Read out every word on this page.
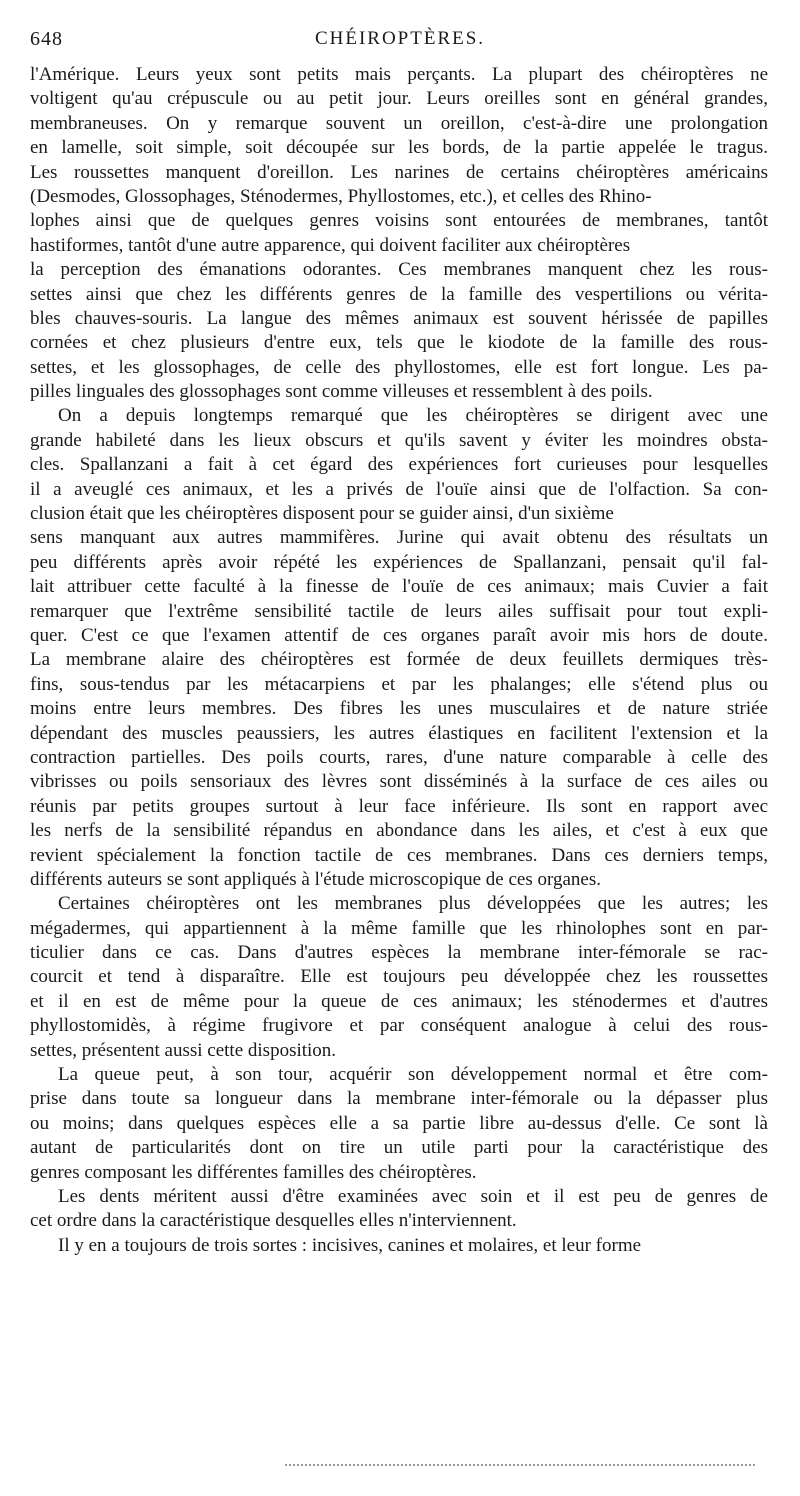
648	CHÉIROPTÈRES.
l'Amérique. Leurs yeux sont petits mais perçants. La plupart des chéiroptères ne
voltigent qu'au crépuscule ou au petit jour. Leurs oreilles sont en général grandes,
membraneuses. On y remarque souvent un oreillon, c'est-à-dire une prolongation
en lamelle, soit simple, soit découpée sur les bords, de la partie appelée le tragus.
Les roussettes manquent d'oreillon. Les narines de certains chéiroptères américains
(Desmodes, Glossophages, Sténodermes, Phyllostomes, etc.), et celles des Rhino-
lophes ainsi que de quelques genres voisins sont entourées de membranes, tantôt
hastiformes, tantôt d'une autre apparence, qui doivent faciliter aux chéiroptères
la perception des émanations odorantes. Ces membranes manquent chez les rous-
settes ainsi que chez les différents genres de la famille des vespertilions ou vérita-
bles chauves-souris. La langue des mêmes animaux est souvent hérissée de papilles
cornées et chez plusieurs d'entre eux, tels que le kiodote de la famille des rous-
settes, et les glossophages, de celle des phyllostomes, elle est fort longue. Les pa-
pilles linguales des glossophages sont comme villeuses et ressemblent à des poils.
On a depuis longtemps remarqué que les chéiroptères se dirigent avec une
grande habileté dans les lieux obscurs et qu'ils savent y éviter les moindres obsta-
cles. Spallanzani a fait à cet égard des expériences fort curieuses pour lesquelles
il a aveuglé ces animaux, et les a privés de l'ouïe ainsi que de l'olfaction. Sa con-
clusion était que les chéiroptères disposent pour se guider ainsi, d'un sixième
sens manquant aux autres mammifères. Jurine qui avait obtenu des résultats un
peu différents après avoir répété les expériences de Spallanzani, pensait qu'il fal-
lait attribuer cette faculté à la finesse de l'ouïe de ces animaux; mais Cuvier a fait
remarquer que l'extrême sensibilité tactile de leurs ailes suffisait pour tout expli-
quer. C'est ce que l'examen attentif de ces organes paraît avoir mis hors de doute.
La membrane alaire des chéiroptères est formée de deux feuillets dermiques très-
fins, sous-tendus par les métacarpiens et par les phalanges; elle s'étend plus ou
moins entre leurs membres. Des fibres les unes musculaires et de nature striée
dépendant des muscles peaussiers, les autres élastiques en facilitent l'extension et la
contraction partielles. Des poils courts, rares, d'une nature comparable à celle des
vibrisses ou poils sensoriaux des lèvres sont disséminés à la surface de ces ailes ou
réunis par petits groupes surtout à leur face inférieure. Ils sont en rapport avec
les nerfs de la sensibilité répandus en abondance dans les ailes, et c'est à eux que
revient spécialement la fonction tactile de ces membranes. Dans ces derniers temps,
différents auteurs se sont appliqués à l'étude microscopique de ces organes.
Certaines chéiroptères ont les membranes plus développées que les autres; les
mégadermes, qui appartiennent à la même famille que les rhinolophes sont en par-
ticulier dans ce cas. Dans d'autres espèces la membrane inter-fémorale se rac-
courcit et tend à disparaître. Elle est toujours peu développée chez les roussettes
et il en est de même pour la queue de ces animaux; les sténodermes et d'autres
phyllostomidès, à régime frugivore et par conséquent analogue à celui des rous-
settes, présentent aussi cette disposition.
La queue peut, à son tour, acquérir son développement normal et être com-
prise dans toute sa longueur dans la membrane inter-fémorale ou la dépasser plus
ou moins; dans quelques espèces elle a sa partie libre au-dessus d'elle. Ce sont là
autant de particularités dont on tire un utile parti pour la caractéristique des
genres composant les différentes familles des chéiroptères.
Les dents méritent aussi d'être examinées avec soin et il est peu de genres de
cet ordre dans la caractéristique desquelles elles n'interviennent.
Il y en a toujours de trois sortes : incisives, canines et molaires, et leur forme
